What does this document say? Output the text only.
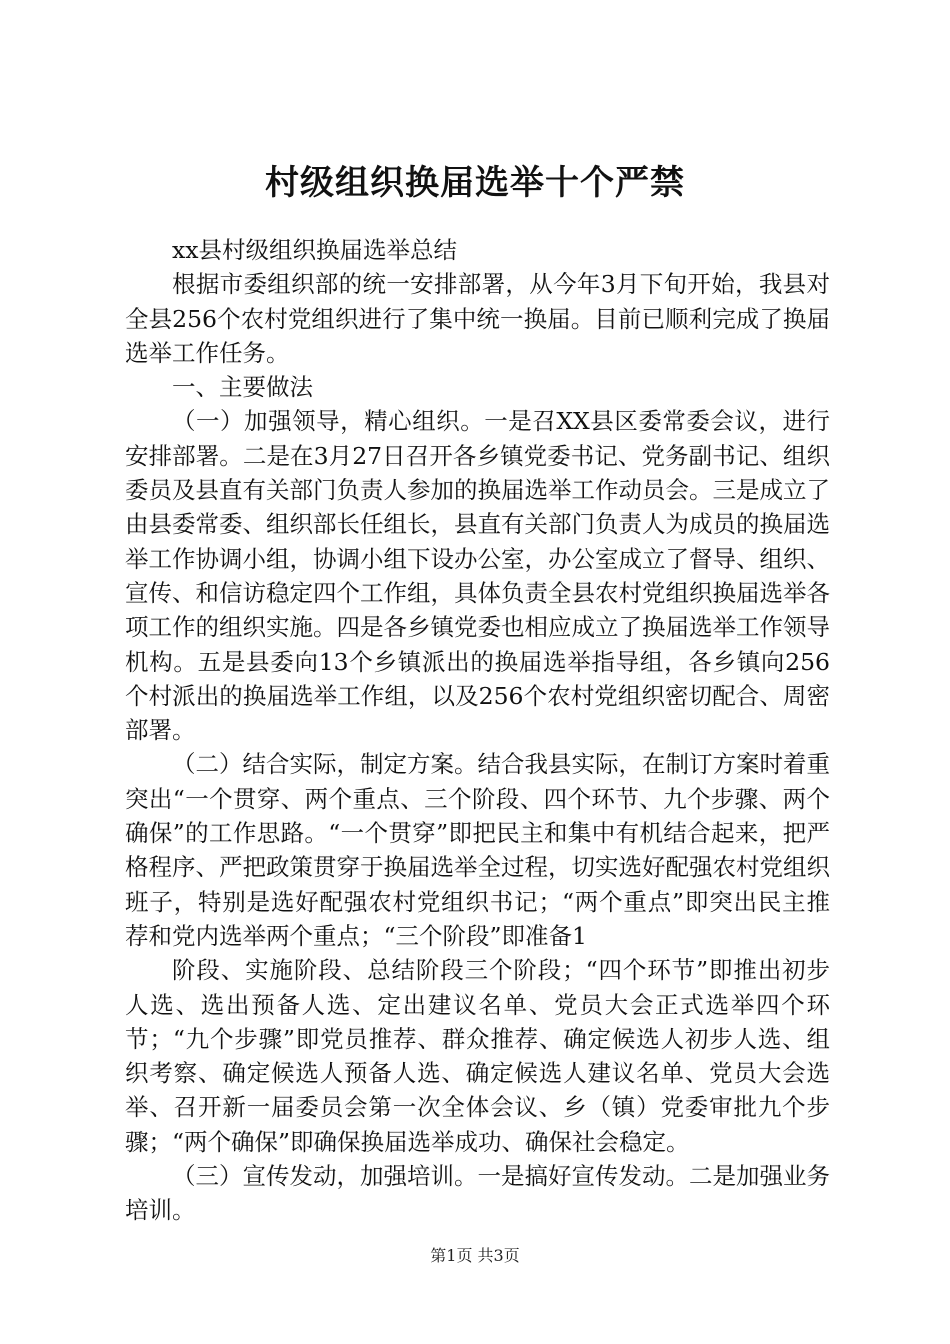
村级组织换届选举十个严禁

xx县村级组织换届选举总结

根据市委组织部的统一安排部署，从今年3月下旬开始，我县对全县256个农村党组织进行了集中统一换届。目前已顺利完成了换届选举工作任务。

一、主要做法

（一）加强领导，精心组织。一是召XX县区委常委会议，进行安排部署。二是在3月27日召开各乡镇党委书记、党务副书记、组织委员及县直有关部门负责人参加的换届选举工作动员会。三是成立了由县委常委、组织部长任组长，县直有关部门负责人为成员的换届选举工作协调小组，协调小组下设办公室，办公室成立了督导、组织、宣传、和信访稳定四个工作组，具体负责全县农村党组织换届选举各项工作的组织实施。四是各乡镇党委也相应成立了换届选举工作领导机构。五是县委向13个乡镇派出的换届选举指导组，各乡镇向256个村派出的换届选举工作组，以及256个农村党组织密切配合、周密部署。

（二）结合实际，制定方案。结合我县实际，在制订方案时着重突出“一个贯穿、两个重点、三个阶段、四个环节、九个步骤、两个确保”的工作思路。“一个贯穿”即把民主和集中有机结合起来，把严格程序、严把政策贯穿于换届选举全过程，切实选好配强农村党组织班子，特别是选好配强农村党组织书记；“两个重点”即突出民主推荐和党内选举两个重点；“三个阶段”即准备1

阶段、实施阶段、总结阶段三个阶段；“四个环节”即推出初步人选、选出预备人选、定出建议名单、党员大会正式选举四个环节；“九个步骤”即党员推荐、群众推荐、确定候选人初步人选、组织考察、确定候选人预备人选、确定候选人建议名单、党员大会选举、召开新一届委员会第一次全体会议、乡（镇）党委审批九个步骤；“两个确保”即确保换届选举成功、确保社会稳定。

（三）宣传发动，加强培训。一是搞好宣传发动。二是加强业务培训。

第1页 共3页
